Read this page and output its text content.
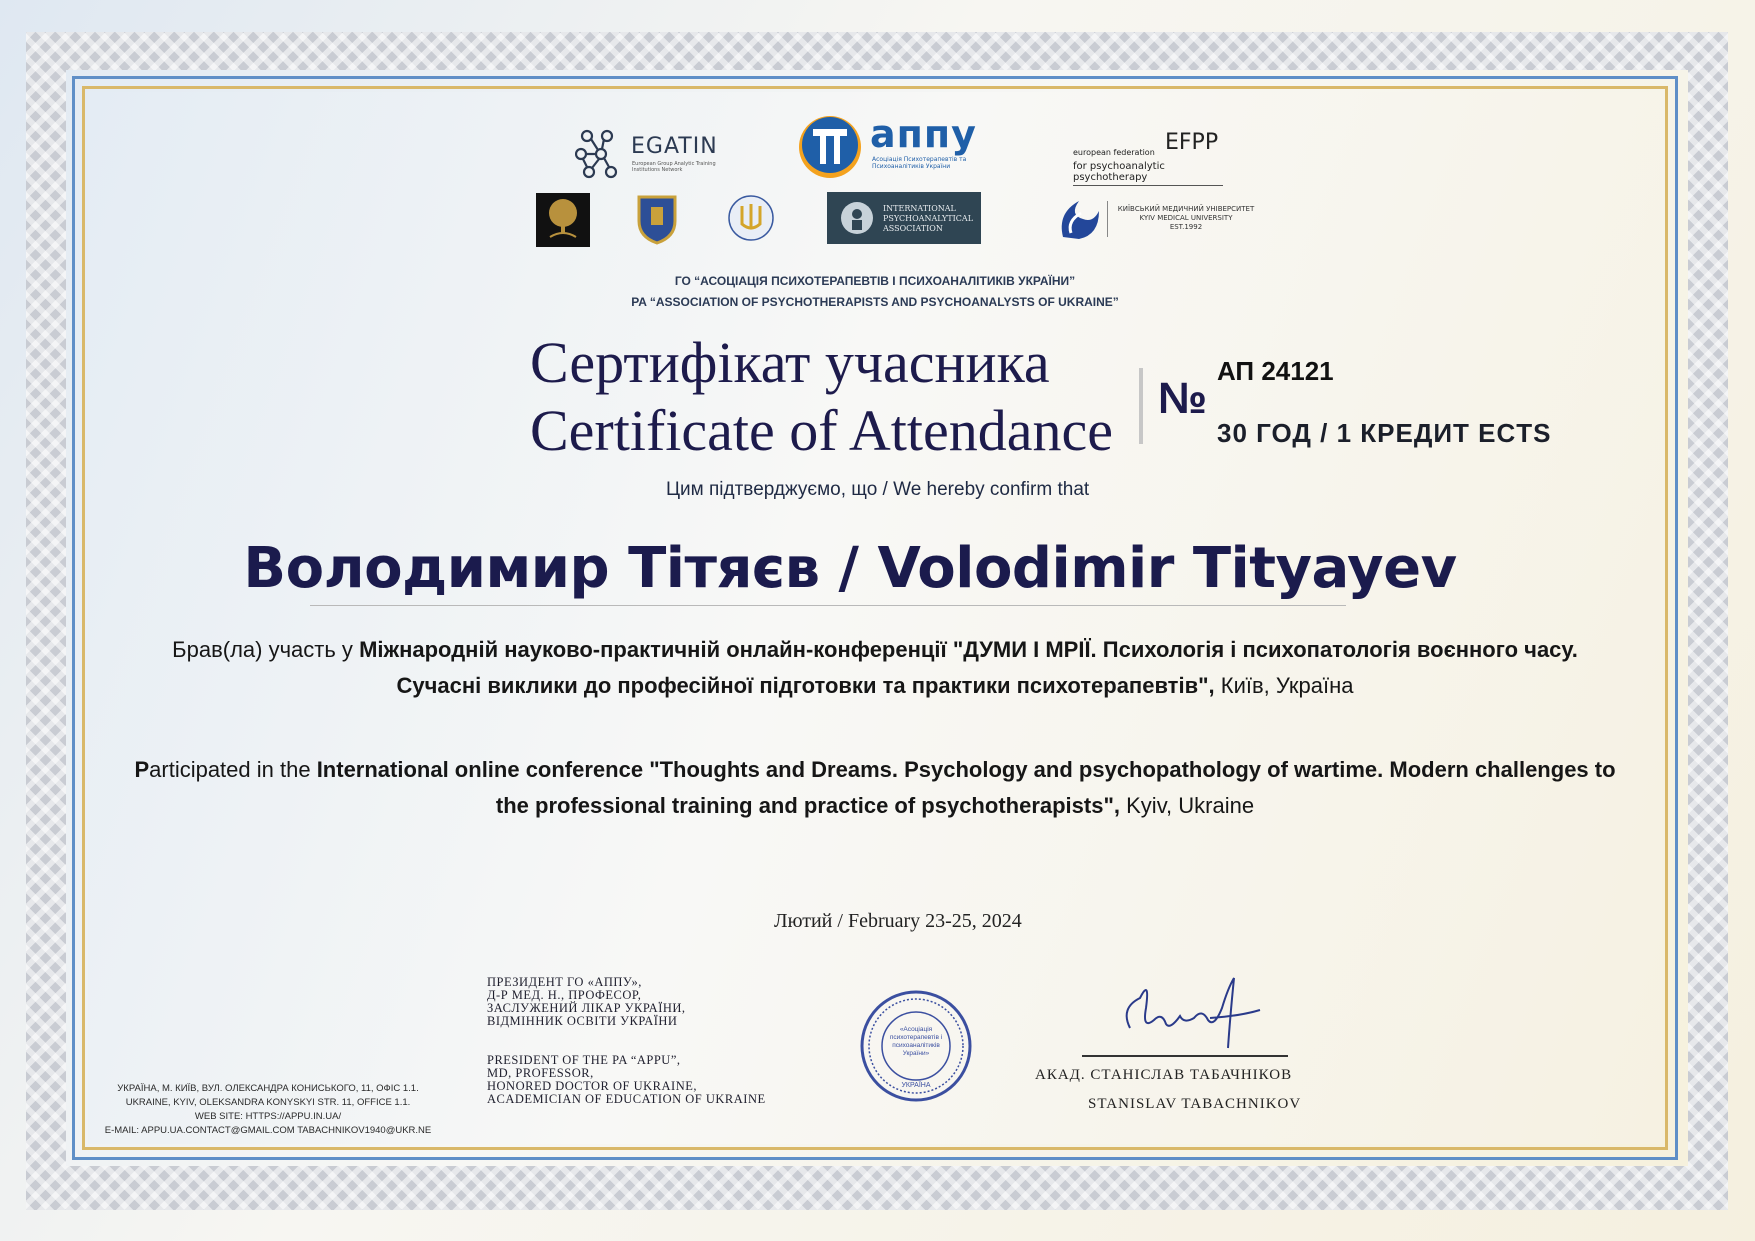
EGATIN
European Group Analytic Training Institutions Network
аппу
Асоціація Психотерапевтів та Психоаналітиків України
european federation EFPP
for psychoanalytic psychotherapy
INTERNATIONAL
PSYCHOANALYTICAL
ASSOCIATION
КИЇВСЬКИЙ МЕДИЧНИЙ УНІВЕРСИТЕТ
KYIV MEDICAL UNIVERSITY
EST.1992
ГО “АСОЦІАЦІЯ ПСИХОТЕРАПЕВТІВ І ПСИХОАНАЛІТИКІВ УКРАЇНИ”
PA “ASSOCIATION OF PSYCHOTHERAPISTS AND PSYCHOANALYSTS OF UKRAINE”
Сертифікат учасника
Certificate of Attendance №
АП 24121
30 ГОД / 1 КРЕДИТ ECTS
Цим підтверджуємо, що / We hereby confirm that
Володимир Тітяєв / Volodimir Tityayev
Брав(ла) участь у Міжнародній науково-практичній онлайн-конференції "ДУМИ І МРІЇ. Психологія і психопатологія воєнного часу. Сучасні виклики до професійної підготовки та практики психотерапевтів", Київ, Україна
Participated in the International online conference "Thoughts and Dreams. Psychology and psychopathology of wartime. Modern challenges to the professional training and practice of psychotherapists", Kyiv, Ukraine
Лютий / February 23-25, 2024
ПРЕЗИДЕНТ ГО «АППУ»,
Д-Р МЕД. Н., ПРОФЕСОР,
ЗАСЛУЖЕНИЙ ЛІКАР УКРАЇНИ,
ВІДМІННИК ОСВІТИ УКРАЇНИ
PRESIDENT OF THE PA “APPU”,
MD, PROFESSOR,
HONORED DOCTOR OF UKRAINE,
ACADEMICIAN OF EDUCATION OF UKRAINE
УКРАЇНА, М. КИЇВ, ВУЛ. ОЛЕКСАНДРА КОНИСЬКОГО, 11, ОФІС 1.1.
UKRAINE, KYIV, OLEKSANDRA KONYSKYI STR. 11, OFFICE 1.1.
WEB SITE: HTTPS://APPU.IN.UA/
E-MAIL: APPU.UA.CONTACT@GMAIL.COM TABACHNIKOV1940@UKR.NE
«Асоціація психотерапевтів і психоаналітиків України»
УКРАЇНА
АКАД. СТАНІСЛАВ ТАБАЧНІКОВ
STANISLAV TABACHNIKOV
